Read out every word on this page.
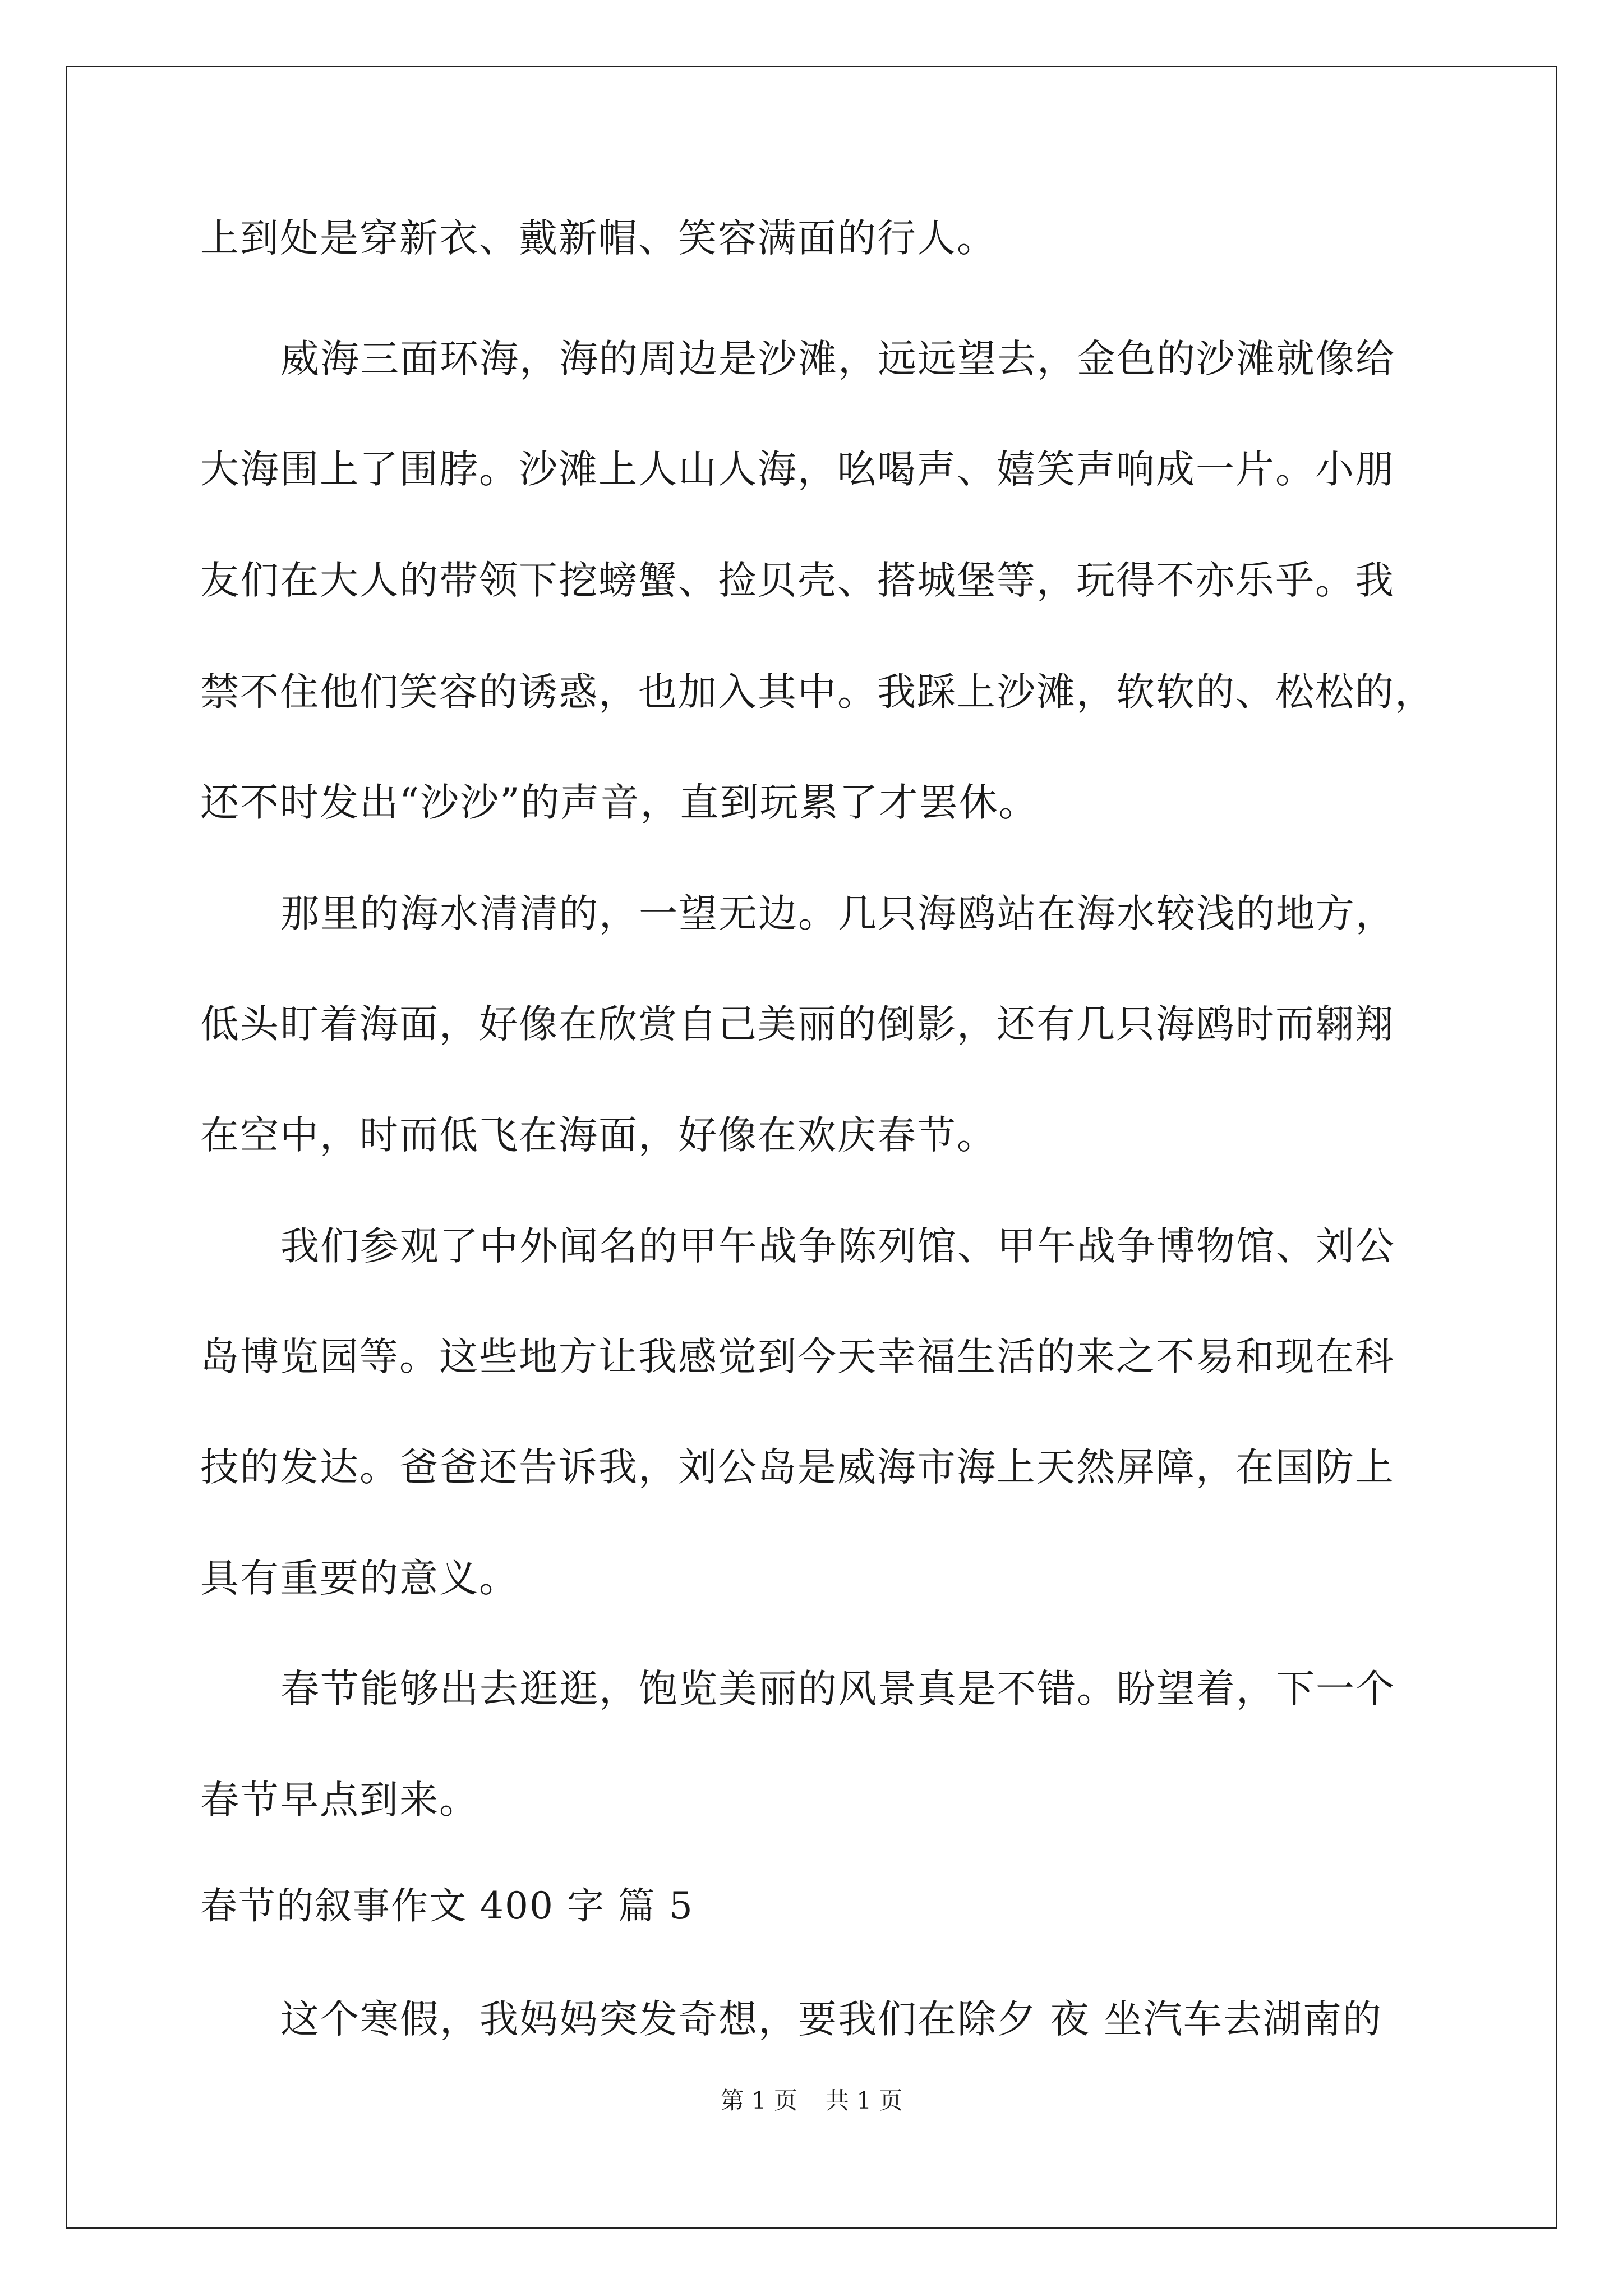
上到处是穿新衣、戴新帽、笑容满面的行人。
威海三面环海，海的周边是沙滩，远远望去，金色的沙滩就像给
大海围上了围脖。沙滩上人山人海，吆喝声、嬉笑声响成一片。小朋
友们在大人的带领下挖螃蟹、捡贝壳、搭城堡等，玩得不亦乐乎。我
禁不住他们笑容的诱惑，也加入其中。我踩上沙滩，软软的、松松的，
还不时发出“沙沙”的声音，直到玩累了才罢休。
那里的海水清清的，一望无边。几只海鸥站在海水较浅的地方，
低头盯着海面，好像在欣赏自己美丽的倒影，还有几只海鸥时而翱翔
在空中，时而低飞在海面，好像在欢庆春节。
我们参观了中外闻名的甲午战争陈列馆、甲午战争博物馆、刘公
岛博览园等。这些地方让我感觉到今天幸福生活的来之不易和现在科
技的发达。爸爸还告诉我，刘公岛是威海市海上天然屏障，在国防上
具有重要的意义。
春节能够出去逛逛，饱览美丽的风景真是不错。盼望着，下一个
春节早点到来。
春节的叙事作文 400 字 篇 5
这个寒假，我妈妈突发奇想，要我们在除夕 夜 坐汽车去湖南的
第 1 页 共 1 页
